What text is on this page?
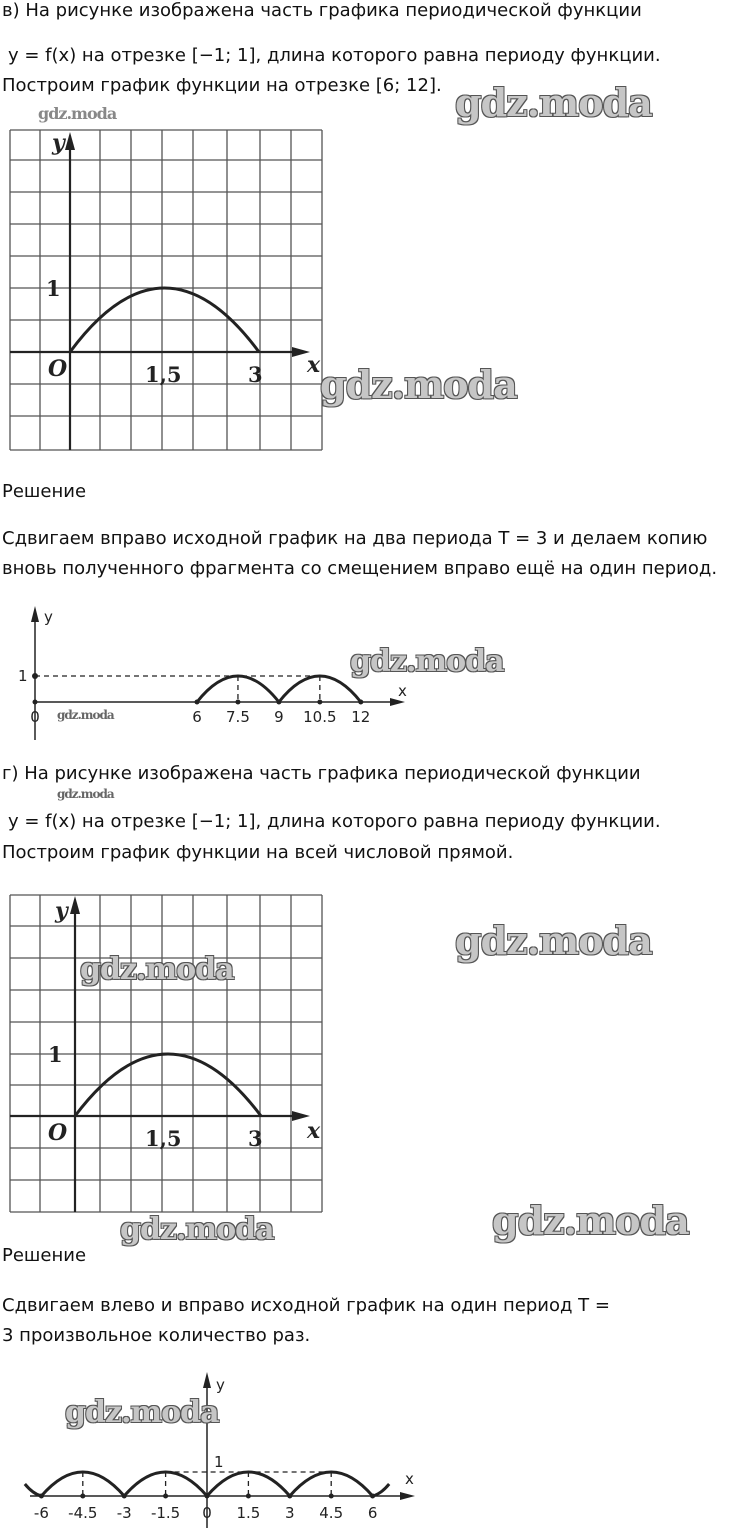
в) На рисунке изображена часть графика периодической функции
y = f(x) на отрезке [−1; 1], длина которого равна периоду функции.
Построим график функции на отрезке [6; 12].
gdz.moda	gdz.moda
y
x
O
1
1,5	3 gdz.moda
Решение
Сдвигаем вправо исходной график на два периода T = 3 и делаем копию
вновь полученного фрагмента со смещением вправо ещё на один период.
y
x
1
0	6 7.5 9 10.5 12
gdz.moda
gdz.moda
г) На рисунке изображена часть графика периодической функции
gdz.moda
y = f(x) на отрезке [−1; 1], длина которого равна периоду функции.
Построим график функции на всей числовой прямой.
y
x
O
1
1,5	3
gdz.moda
gdz.moda
gdz.moda	gdz.moda
Решение
Сдвигаем влево и вправо исходной график на один период T =
3 произвольное количество раз.
y
x
1
-6 -4.5 -3 -1.5 0 1.5 3 4.5 6
gdz.moda
